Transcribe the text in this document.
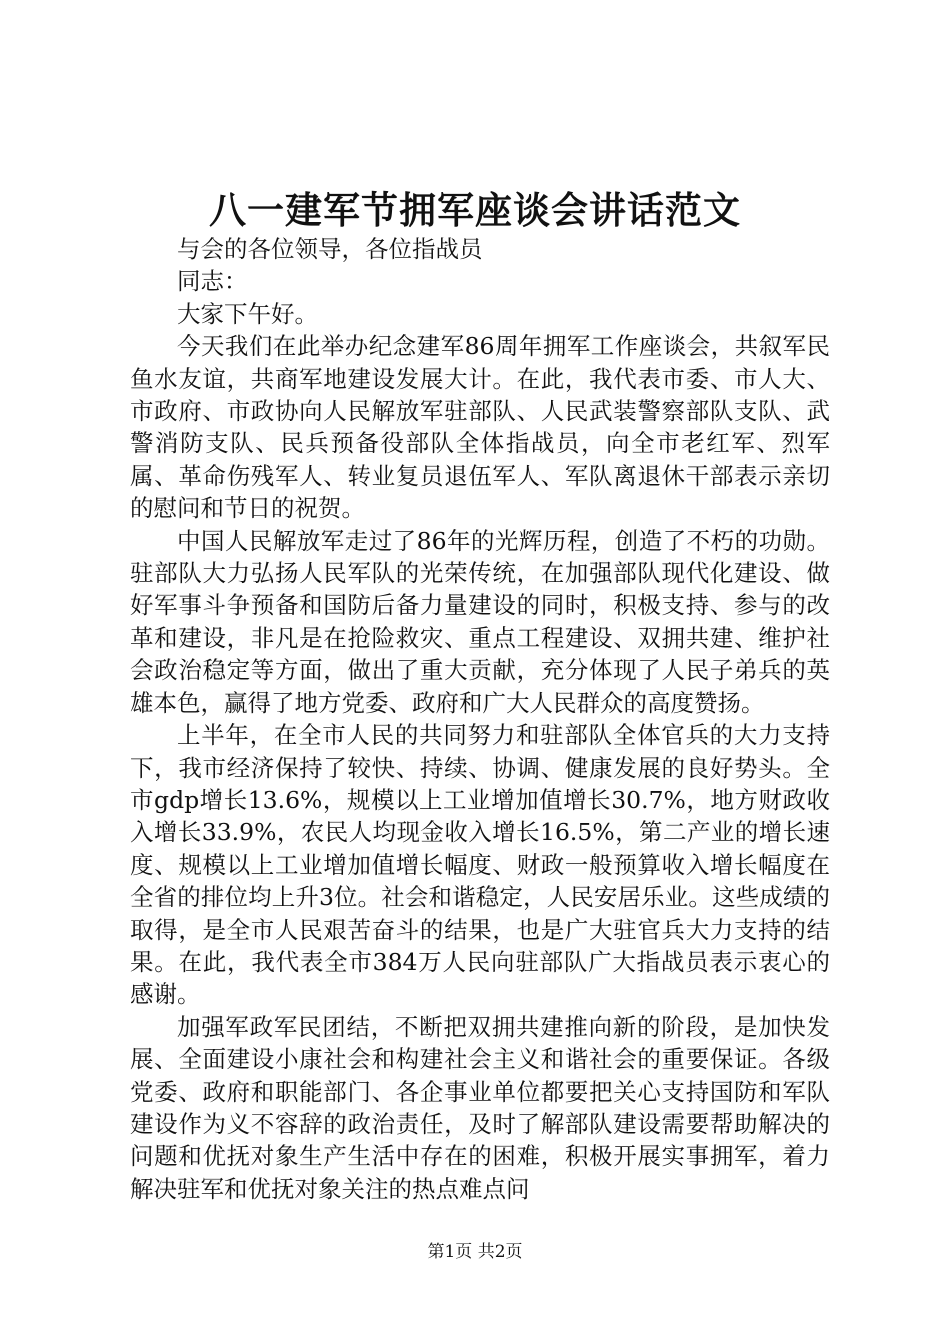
八一建军节拥军座谈会讲话范文

与会的各位领导，各位指战员

同志：

大家下午好。

今天我们在此举办纪念建军86周年拥军工作座谈会，共叙军民鱼水友谊，共商军地建设发展大计。在此，我代表市委、市人大、市政府、市政协向人民解放军驻部队、人民武装警察部队支队、武警消防支队、民兵预备役部队全体指战员，向全市老红军、烈军属、革命伤残军人、转业复员退伍军人、军队离退休干部表示亲切的慰问和节日的祝贺。

中国人民解放军走过了86年的光辉历程，创造了不朽的功勋。驻部队大力弘扬人民军队的光荣传统，在加强部队现代化建设、做好军事斗争预备和国防后备力量建设的同时，积极支持、参与的改革和建设，非凡是在抢险救灾、重点工程建设、双拥共建、维护社会政治稳定等方面，做出了重大贡献，充分体现了人民子弟兵的英雄本色，赢得了地方党委、政府和广大人民群众的高度赞扬。

上半年，在全市人民的共同努力和驻部队全体官兵的大力支持下，我市经济保持了较快、持续、协调、健康发展的良好势头。全市gdp增长13.6%，规模以上工业增加值增长30.7%，地方财政收入增长33.9%，农民人均现金收入增长16.5%，第二产业的增长速度、规模以上工业增加值增长幅度、财政一般预算收入增长幅度在全省的排位均上升3位。社会和谐稳定，人民安居乐业。这些成绩的取得，是全市人民艰苦奋斗的结果，也是广大驻官兵大力支持的结果。在此，我代表全市384万人民向驻部队广大指战员表示衷心的感谢。

加强军政军民团结，不断把双拥共建推向新的阶段，是加快发展、全面建设小康社会和构建社会主义和谐社会的重要保证。各级党委、政府和职能部门、各企事业单位都要把关心支持国防和军队建设作为义不容辞的政治责任，及时了解部队建设需要帮助解决的问题和优抚对象生产生活中存在的困难，积极开展实事拥军，着力解决驻军和优抚对象关注的热点难点问

第1页 共2页
